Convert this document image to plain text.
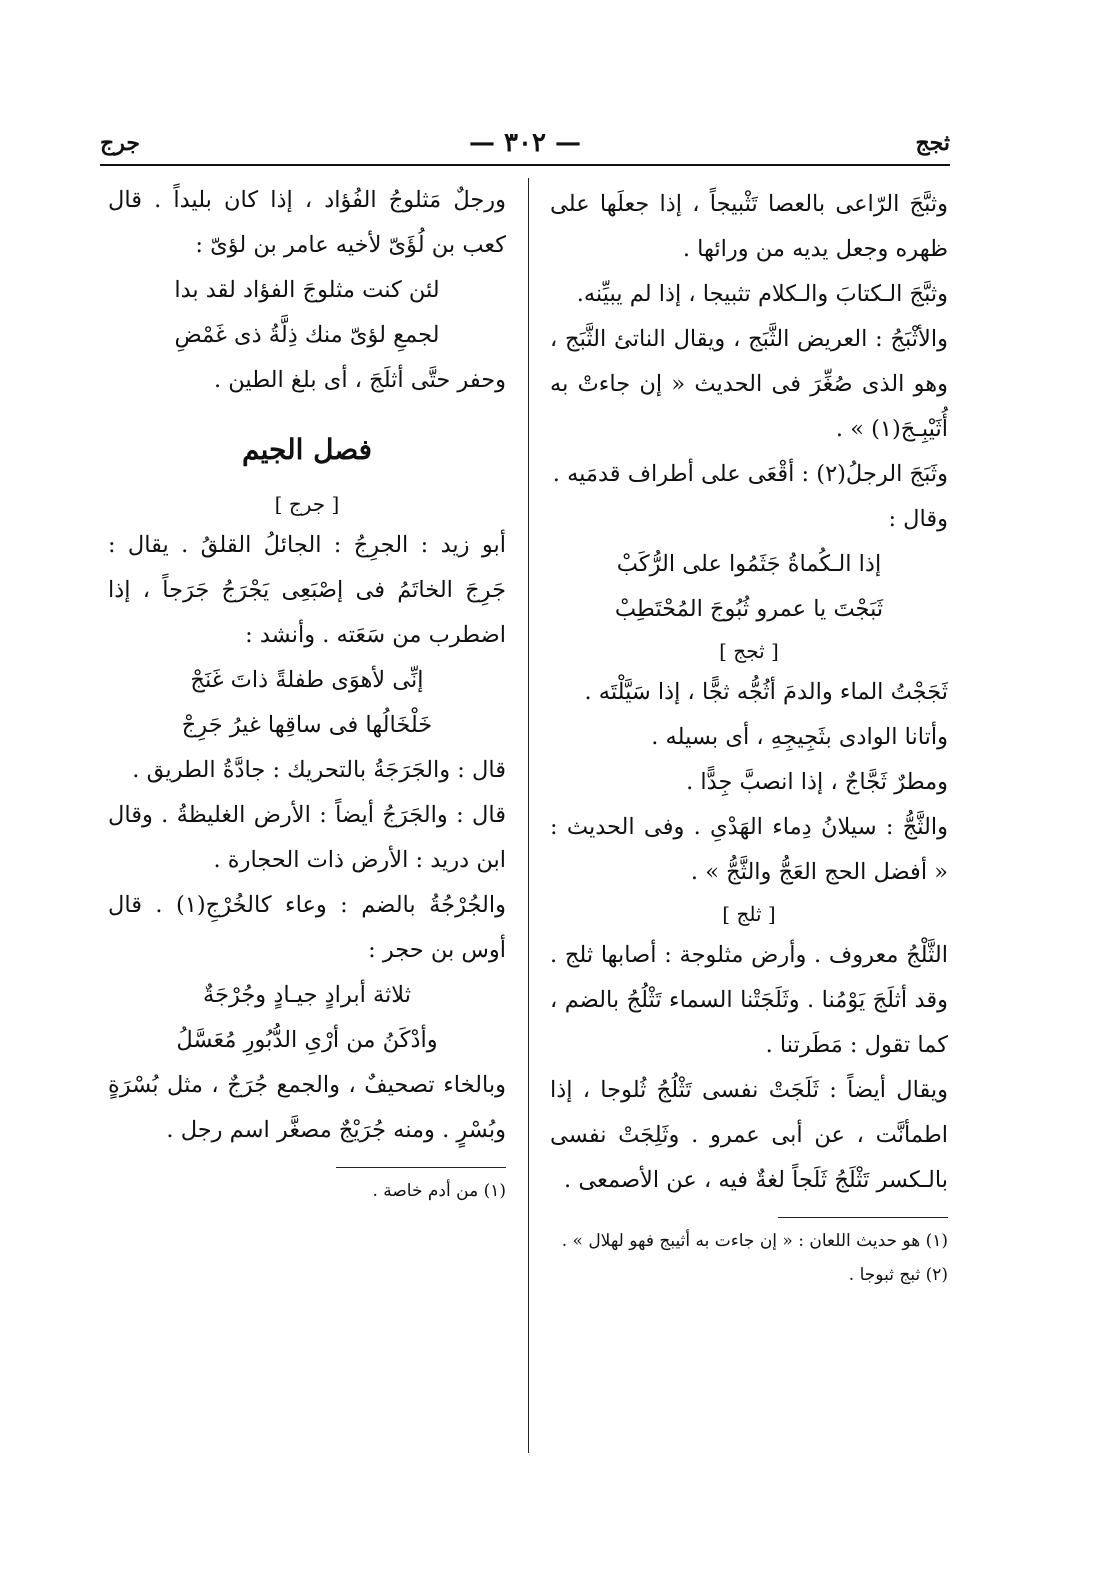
ثجج
— ٣٠٢ —
جرج

وثبَّجَ الرّاعى بالعصا تَثْبيجاً ، إذا جعلَها على ظهره وجعل يديه من ورائها .

وثبَّجَ الـكتابَ والـكلام تثبيجا ، إذا لم يبيِّنه.

والأثْبَجُ : العريض الثَّبَج ، ويقال الناتئ الثَّبَج ، وهو الذى صُغِّرَ فى الحديث « إن جاءتْ به أُثَيْبِـجَ(١) » .

وثَبَجَ الرجلُ(٢) : أقْعَى على أطراف قدمَيه .

وقال :

إذا الـكُماةُ جَثَمُوا على الرُّكَبْ

ثَبَجْتَ يا عمرو ثُبُوجَ المُحْتَطِبْ

[ ثجج ]

ثَجَجْتُ الماء والدمَ أثُجُّه ثجًّا ، إذا سَيَّلْتَه .

وأتانا الوادى بثَجِيجِهِ ، أى بسيله .

ومطرٌ ثَجَّاجٌ ، إذا انصبَّ جِدًّا .

والثَّجُّ : سيلانُ دِماء الهَدْىِ . وفى الحديث : « أفضل الحج العَجُّ والثَّجُّ » .

[ ثلج ]

الثَّلْجُ معروف . وأرض مثلوجة : أصابها ثلج . وقد أثلَجَ يَوْمُنا . وثَلَجَتْنا السماء تَثْلُجُ بالضم ، كما تقول : مَطَرتنا .

ويقال أيضاً : ثَلَجَتْ نفسى تَثْلُجُ ثُلوجا ، إذا اطمأنَّت ، عن أبى عمرو . وثَلِجَتْ نفسى بالـكسر تَثْلَجُ ثَلَجاً لغةٌ فيه ، عن الأصمعى .

(١) هو حديث اللعان : « إن جاءت به أثيبج فهو لهلال » .

(٢) ثبج ثبوجا .

ورجلٌ مَثلوجُ الفُؤاد ، إذا كان بليداً . قال كعب بن لُؤَىّ لأخيه عامر بن لؤىّ :

لئن كنت مثلوجَ الفؤاد لقد بدا

لجمعِ لؤىّ منك ذِلَّةُ ذى غَمْضِ

وحفر حتَّى أثلَجَ ، أى بلغ الطين .

فصل الجيم

[ جرج ]

أبو زيد : الجرِجُ : الجائلُ القلقُ . يقال : جَرِجَ الخاتَمُ فى إصْبَعِى يَجْرَجُ جَرَجاً ، إذا اضطرب من سَعَته . وأنشد :

إنِّى لأهوَى طفلةً ذاتَ غَنَجْ

خَلْخَالُها فى ساقِها غيرُ جَرِجْ

قال : والجَرَجَةُ بالتحريك : جادَّةُ الطريق .

قال : والجَرَجُ أيضاً : الأرض الغليظةُ . وقال ابن دريد : الأرض ذات الحجارة .

والجُرْجُةُ بالضم : وعاء كالخُرْجِ(١) . قال أوس بن حجر :

ثلاثة أبرادٍ جيـادٍ وجُرْجَةٌ

وأدْكَنُ من أرْىِ الدُّبُورِ مُعَسَّلُ

وبالخاء تصحيفٌ ، والجمع جُرَجٌ ، مثل بُسْرَةٍ وبُسْرٍ . ومنه جُرَيْجٌ مصغَّر اسم رجل .

(١) من أدم خاصة .
